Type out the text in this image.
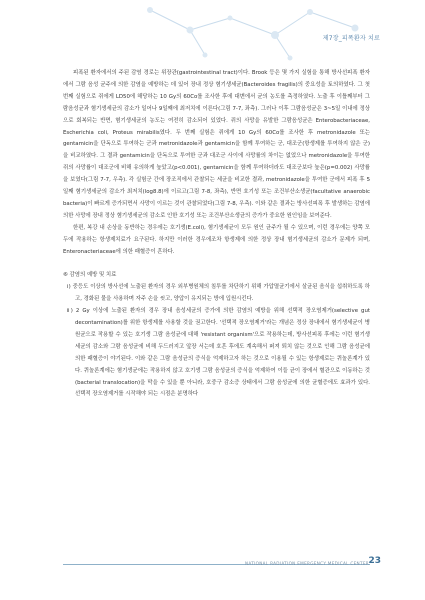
제7장_피폭환자 치료

피폭된 환자에서의 주된 감염 경로는 위장관(gastrointestinal tract)이다. Brook 등은 몇 가지 실험을 통해 방사선피폭 환자에서 그람 음성 균주에 의한 감염을 예방하는 데 있어 장내 정상 혐기생세균(Bacteroides fragilis)의 중요성을 토의하였다. 그 첫 번째 실험으로 쥐에게 LD50에 해당하는 10 Gy의 60Co를 조사한 후에 대변에서 균의 농도를 측정하였다. 노출 후 이틀째부터 그람음성균과 혐기생세균의 감소가 일어나 9일째에 최저치에 이른다(그림 7-7, 좌측). 그러나 이후 그람음성균은 3~5일 이내에 정상으로 회복되는 반면, 혐기생세균의 농도는 여전히 감소되어 있었다. 쥐의 사망을 유발한 그람음성균은 Enterobacteriaceae, Escherichia coli, Proteus mirabilis였다. 두 번째 실험은 쥐에게 10 Gy의 60Co를 조사한 후 metronidazole 또는 gentamicin을 단독으로 투여하는 군과 metronidazole과 gentamicin을 함께 투여하는 군, 대조군(항생제를 투여하지 않은 군)을 비교하였다. 그 결과 gentamicin을 단독으로 투여한 군과 대조군 사이에 사망률의 차이는 없었으나 metronidazole을 투여한 쥐의 사망률이 대조군에 비해 유의하게 높았고(p<0.001), gentamicin을 함께 투여하더라도 대조군보다 높은(p=0.002) 사망률을 보였다(그림 7-7, 우측). 각 실험군 간에 장조직에서 관찰되는 세균을 비교한 결과, metronidazole을 투여한 군에서 피폭 후 5일째 혐기생세균의 감소가 최저치(log8.8)에 이르고(그림 7-8, 좌측), 반면 호기성 또는 조건부산소생균(facultative anaerobic bacteria)이 빠르게 증가되면서 사망이 이르는 것이 관찰되었다(그림 7-8, 우측). 이와 같은 결과는 방사선피폭 후 발생하는 감염에 의한 사망에 장내 정상 혐기생세균의 감소로 인한 호기성 또는 조건부산소생균의 증가가 중요한 원인임을 보여준다.

한편, 복강 내 손상을 동반하는 경우에는 호기생(E.coli), 혐기생세균이 모두 원인 균주가 될 수 있으며, 이런 경우에는 양쪽 모두에 작용하는 항생제치료가 요구된다. 하지만 이러한 경우에조차 항생제에 의한 정상 장내 혐기생세균의 감소가 문제가 되며, Enteronacteriaceae에 의한 패혈증이 흔하다.

⑥ 감염의 예방 및 치료

ⅰ) 중등도 이상의 방사선에 노출된 환자의 경우 외부병원체의 침투를 차단하기 위해 가압멸균기에서 살균된 음식을 섭취하도록 하고, 경화된 물을 사용하며 자주 손을 씻고, 양압이 유지되는 방에 입원시킨다.

ⅱ) 2 Gy 이상에 노출된 환자의 경우 장내 음성세균의 증가에 의한 감염의 예방을 위해 선택적 장오염제거(selective gut decontamination)를 위한 항생제를 사용할 것을 권고한다. '선택적 장오염제거'라는 개념은 정상 장내에서 혐기생세균이 병원균으로 작용할 수 있는 호기생 그람 음성균에 대해 'resistant organism'으로 작용하는데, 방사선피폭 후에는 이런 혐기생세균의 감소와 그람 음성균에 비해 두드러지고 앞장 서는데 호흔 후에도 계속해서 퍼져 퇴치 않는 것으로 인해 그람 음성균에 의한 패혈증이 야기된다. 이와 같은 그람 음성균의 증식을 억제하고자 하는 것으로 이용될 수 있는 항생제로는 퀴놀론계가 있다. 퀴놀론계에는 혐기생균에는 작용하지 않고 호기생 그람 음성균의 증식을 억제하여 이들 균이 장에서 혈관으로 이동하는 것(bacterial translocation)을 막을 수 있을 뿐 아니라, 호중구 감소증 상태에서 그람 음성균에 의한 균혈증에도 효과가 있다. 선택적 장오염제거를 시작해야 되는 시점은 분명하다

NATIONAL RADIATION EMERGENCY MEDICAL CENTER 23
